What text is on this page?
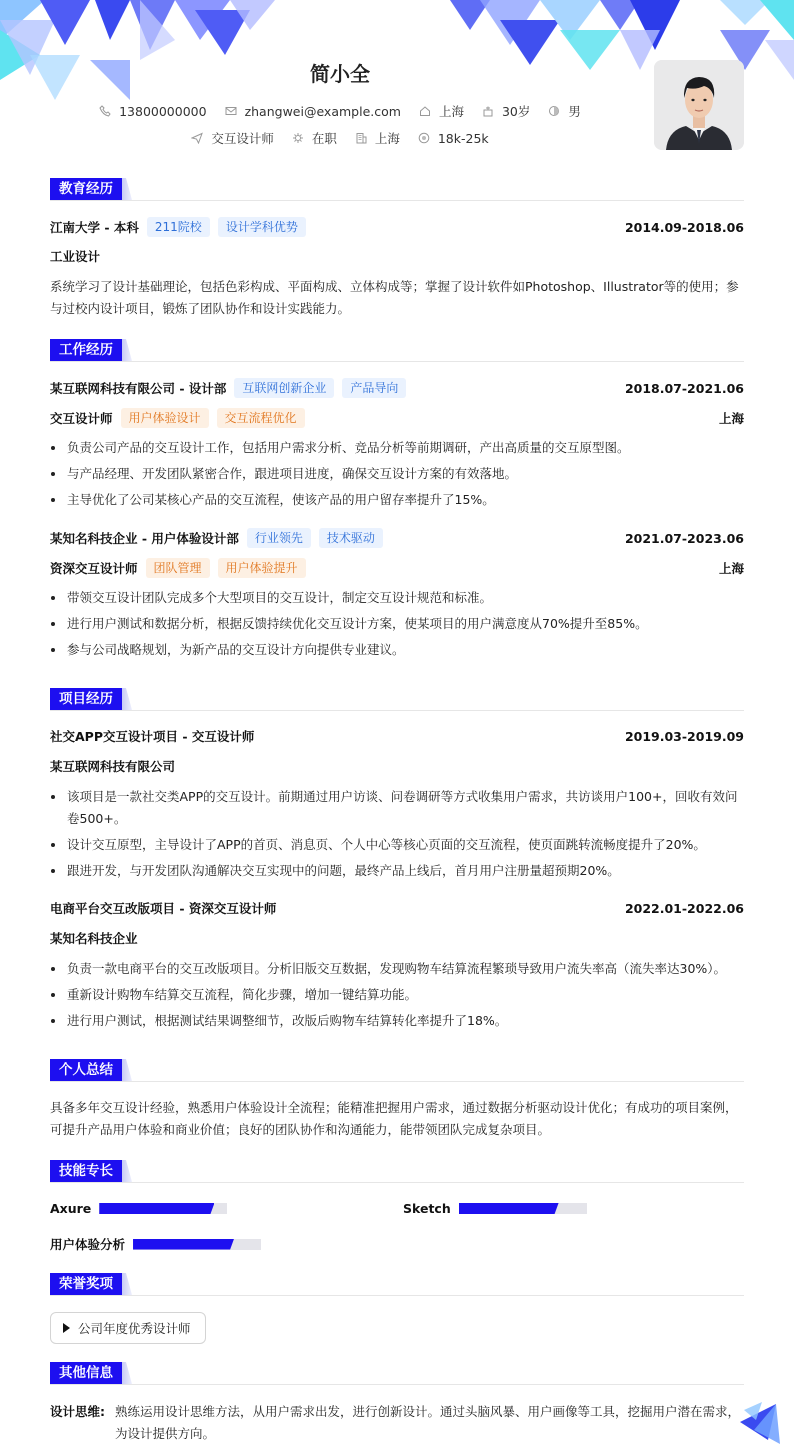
简小全
13800000000	zhangwei@example.com	上海	30岁	男
交互设计师	在职	上海	18k-25k
教育经历
江南大学 - 本科	211院校	设计学科优势	2014.09-2018.06
工业设计
系统学习了设计基础理论，包括色彩构成、平面构成、立体构成等；掌握了设计软件如Photoshop、Illustrator等的使用；参与过校内设计项目，锻炼了团队协作和设计实践能力。
工作经历
某互联网科技有限公司 - 设计部	互联网创新企业	产品导向	2018.07-2021.06
交互设计师	用户体验设计	交互流程优化	上海
负责公司产品的交互设计工作，包括用户需求分析、竞品分析等前期调研，产出高质量的交互原型图。
与产品经理、开发团队紧密合作，跟进项目进度，确保交互设计方案的有效落地。
主导优化了公司某核心产品的交互流程，使该产品的用户留存率提升了15%。
某知名科技企业 - 用户体验设计部	行业领先	技术驱动	2021.07-2023.06
资深交互设计师	团队管理	用户体验提升	上海
带领交互设计团队完成多个大型项目的交互设计，制定交互设计规范和标准。
进行用户测试和数据分析，根据反馈持续优化交互设计方案，使某项目的用户满意度从70%提升至85%。
参与公司战略规划，为新产品的交互设计方向提供专业建议。
项目经历
社交APP交互设计项目 - 交互设计师	2019.03-2019.09
某互联网科技有限公司
该项目是一款社交类APP的交互设计。前期通过用户访谈、问卷调研等方式收集用户需求，共访谈用户100+，回收有效问卷500+。
设计交互原型，主导设计了APP的首页、消息页、个人中心等核心页面的交互流程，使页面跳转流畅度提升了20%。
跟进开发，与开发团队沟通解决交互实现中的问题，最终产品上线后，首月用户注册量超预期20%。
电商平台交互改版项目 - 资深交互设计师	2022.01-2022.06
某知名科技企业
负责一款电商平台的交互改版项目。分析旧版交互数据，发现购物车结算流程繁琐导致用户流失率高（流失率达30%）。
重新设计购物车结算交互流程，简化步骤，增加一键结算功能。
进行用户测试，根据测试结果调整细节，改版后购物车结算转化率提升了18%。
个人总结
具备多年交互设计经验，熟悉用户体验设计全流程；能精准把握用户需求，通过数据分析驱动设计优化；有成功的项目案例，可提升产品用户体验和商业价值；良好的团队协作和沟通能力，能带领团队完成复杂项目。
技能专长
Axure	Sketch
用户体验分析
荣誉奖项
公司年度优秀设计师
其他信息
设计思维: 熟练运用设计思维方法，从用户需求出发，进行创新设计。通过头脑风暴、用户画像等工具，挖掘用户潜在需求，为设计提供方向。
